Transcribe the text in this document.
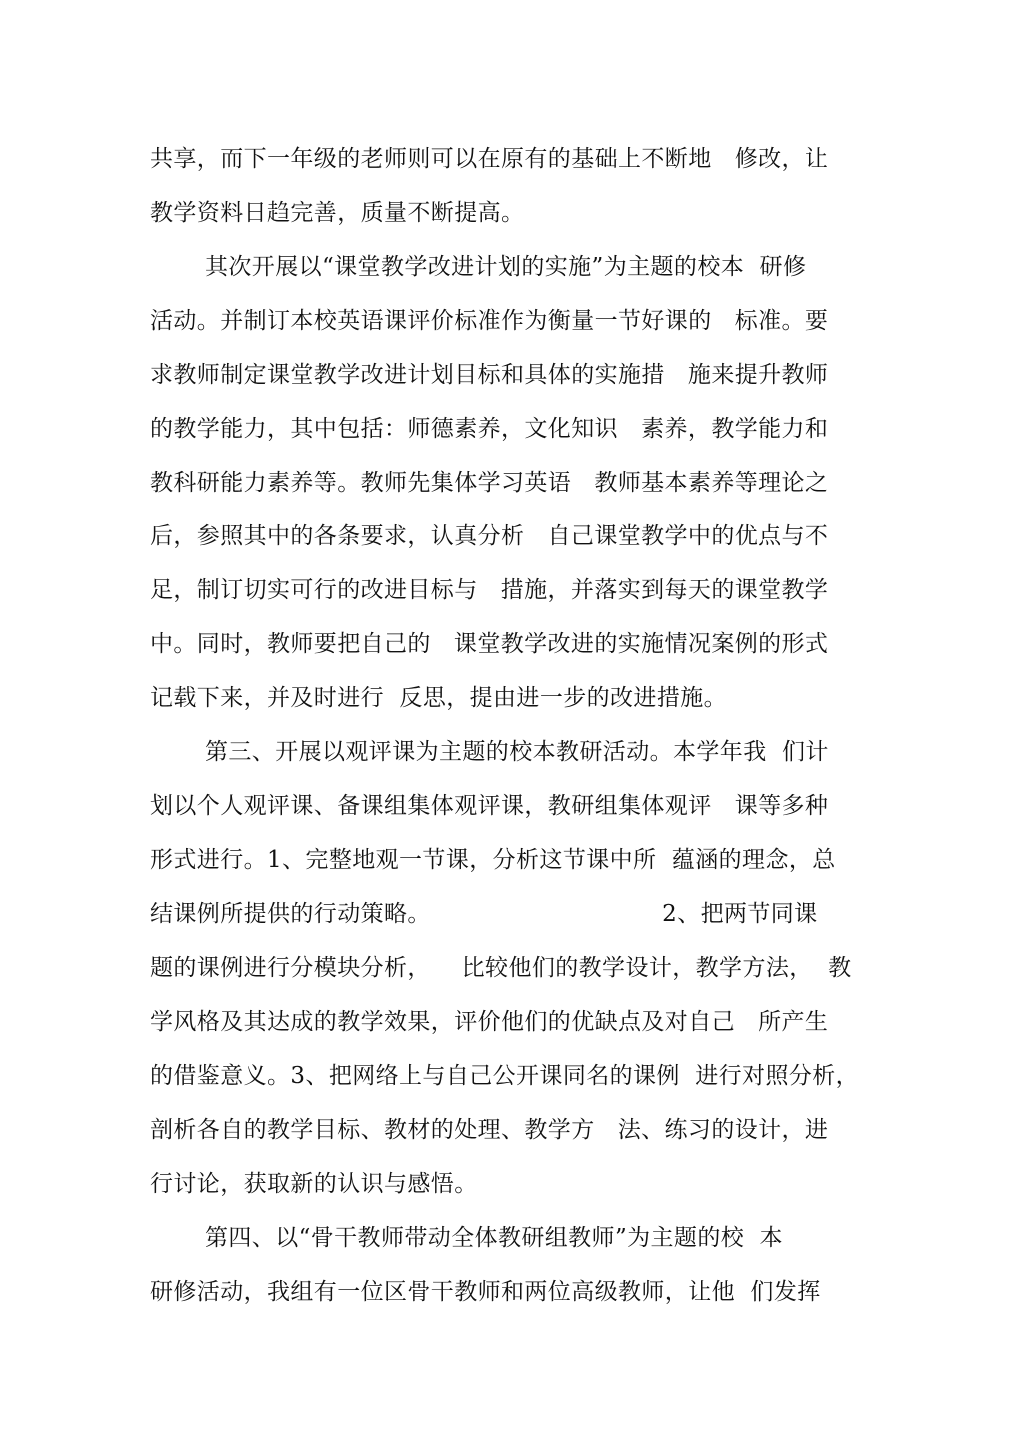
共享，而下一年级的老师则可以在原有的基础上不断地   修改，让
教学资料日趋完善，质量不断提高。
其次开展以“课堂教学改进计划的实施”为主题的校本  研修
活动。并制订本校英语课评价标准作为衡量一节好课的   标准。要
求教师制定课堂教学改进计划目标和具体的实施措   施来提升教师
的教学能力，其中包括：师德素养，文化知识   素养，教学能力和
教科研能力素养等。教师先集体学习英语   教师基本素养等理论之
后，参照其中的各条要求，认真分析   自己课堂教学中的优点与不
足，制订切实可行的改进目标与   措施，并落实到每天的课堂教学
中。同时，教师要把自己的   课堂教学改进的实施情况案例的形式
记载下来，并及时进行  反思，提由进一步的改进措施。
第三、开展以观评课为主题的校本教研活动。本学年我  们计
划以个人观评课、备课组集体观评课，教研组集体观评   课等多种
形式进行。1、完整地观一节课，分析这节课中所  蕴涵的理念，总
结课例所提供的行动策略。                              2、把两节同课
题的课例进行分模块分析，    比较他们的教学设计，教学方法，  教
学风格及其达成的教学效果，评价他们的优缺点及对自己   所产生
的借鉴意义。3、把网络上与自己公开课同名的课例  进行对照分析，
剖析各自的教学目标、教材的处理、教学方   法、练习的设计，进
行讨论，获取新的认识与感悟。
第四、以“骨干教师带动全体教研组教师”为主题的校  本
研修活动，我组有一位区骨干教师和两位高级教师，让他  们发挥
